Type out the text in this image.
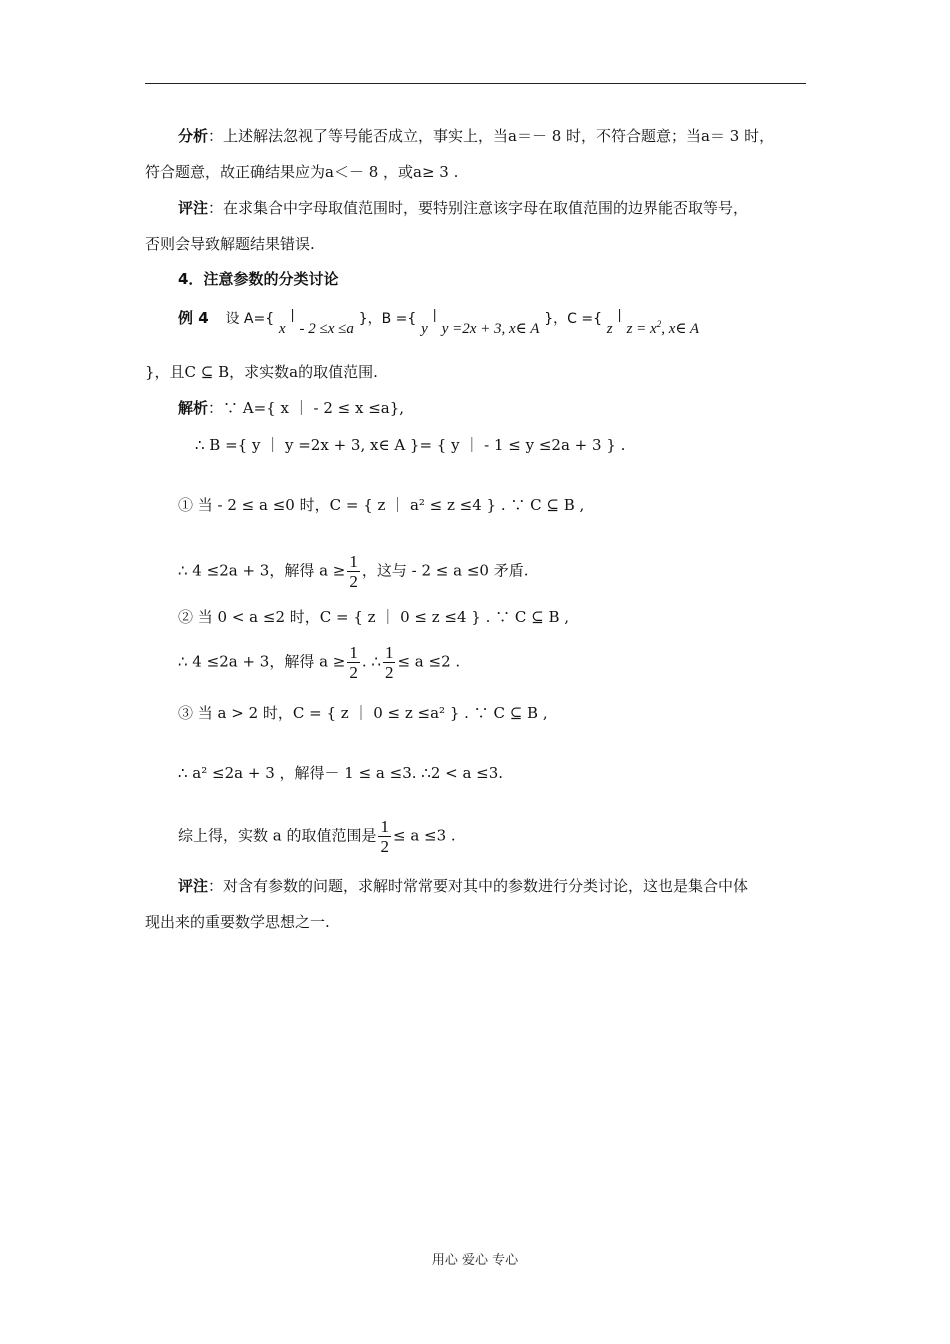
分析：上述解法忽视了等号能否成立，事实上，当a＝－ 8 时，不符合题意；当a＝ 3 时，
符合题意，故正确结果应为a＜－ 8 ，或a≥ 3 .
评注：在求集合中字母取值范围时，要特别注意该字母在取值范围的边界能否取等号，
否则会导致解题结果错误.
4．注意参数的分类讨论
例 4 设 A={ x | - 2 ≤x ≤a }，B ={ y | y =2x + 3, x∈ A }，C ={ z | $z = x^2$, x∈ A
}，且C ⊆ B，求实数a的取值范围.
解析：∵ A={ x ｜ - 2 ≤ x ≤a},
∴ B ={ y ｜ y =2x + 3, x∈ A }= { y ｜ - 1 ≤ y ≤2a + 3 } .
① 当 - 2 ≤ a ≤0 时，C = { z ｜ a² ≤ z ≤4 } . ∵ C ⊆ B ,
∴ 4 ≤2a + 3，解得 $a \ge \frac{1}{2}$ ，这与 - 2 ≤ a ≤0 矛盾.
② 当 0 < a ≤2 时，C = { z ｜ 0 ≤ z ≤4 } . ∵ C ⊆ B ,
∴ 4 ≤2a + 3，解得 $a \ge \frac{1}{2}$ . ∴ $\frac{1}{2} \le a \le 2$ .
③ 当 a > 2 时，C = { z ｜ 0 ≤ z ≤a² } . ∵ C ⊆ B ,
∴ a² ≤2a + 3 ，解得－ 1 ≤ a ≤3. ∴2 < a ≤3.
综上得，实数 a 的取值范围是 $\frac{1}{2} \le a \le 3$ .
评注：对含有参数的问题，求解时常常要对其中的参数进行分类讨论，这也是集合中体
现出来的重要数学思想之一.
用心 爱心 专心
